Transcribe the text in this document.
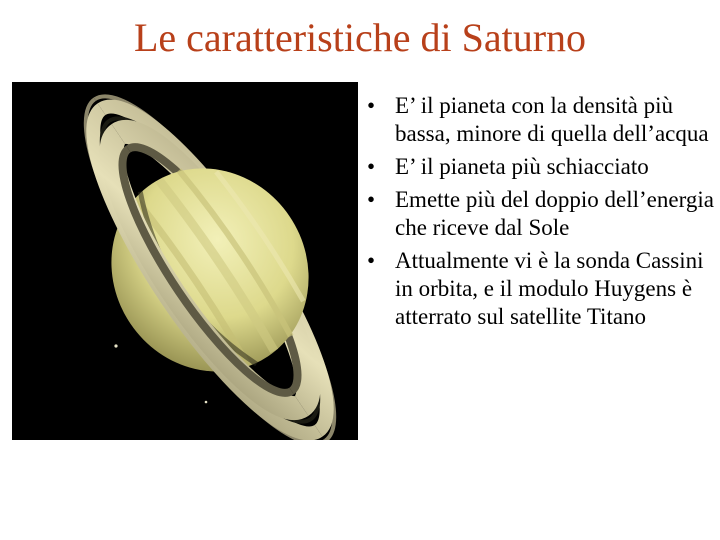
Le caratteristiche di Saturno
• E’ il pianeta con la densità più bassa, minore di quella dell’acqua
• E’ il pianeta più schiacciato
• Emette più del doppio dell’energia che riceve dal Sole
• Attualmente vi è la sonda Cassini in orbita, e il modulo Huygens è atterrato sul satellite Titano
